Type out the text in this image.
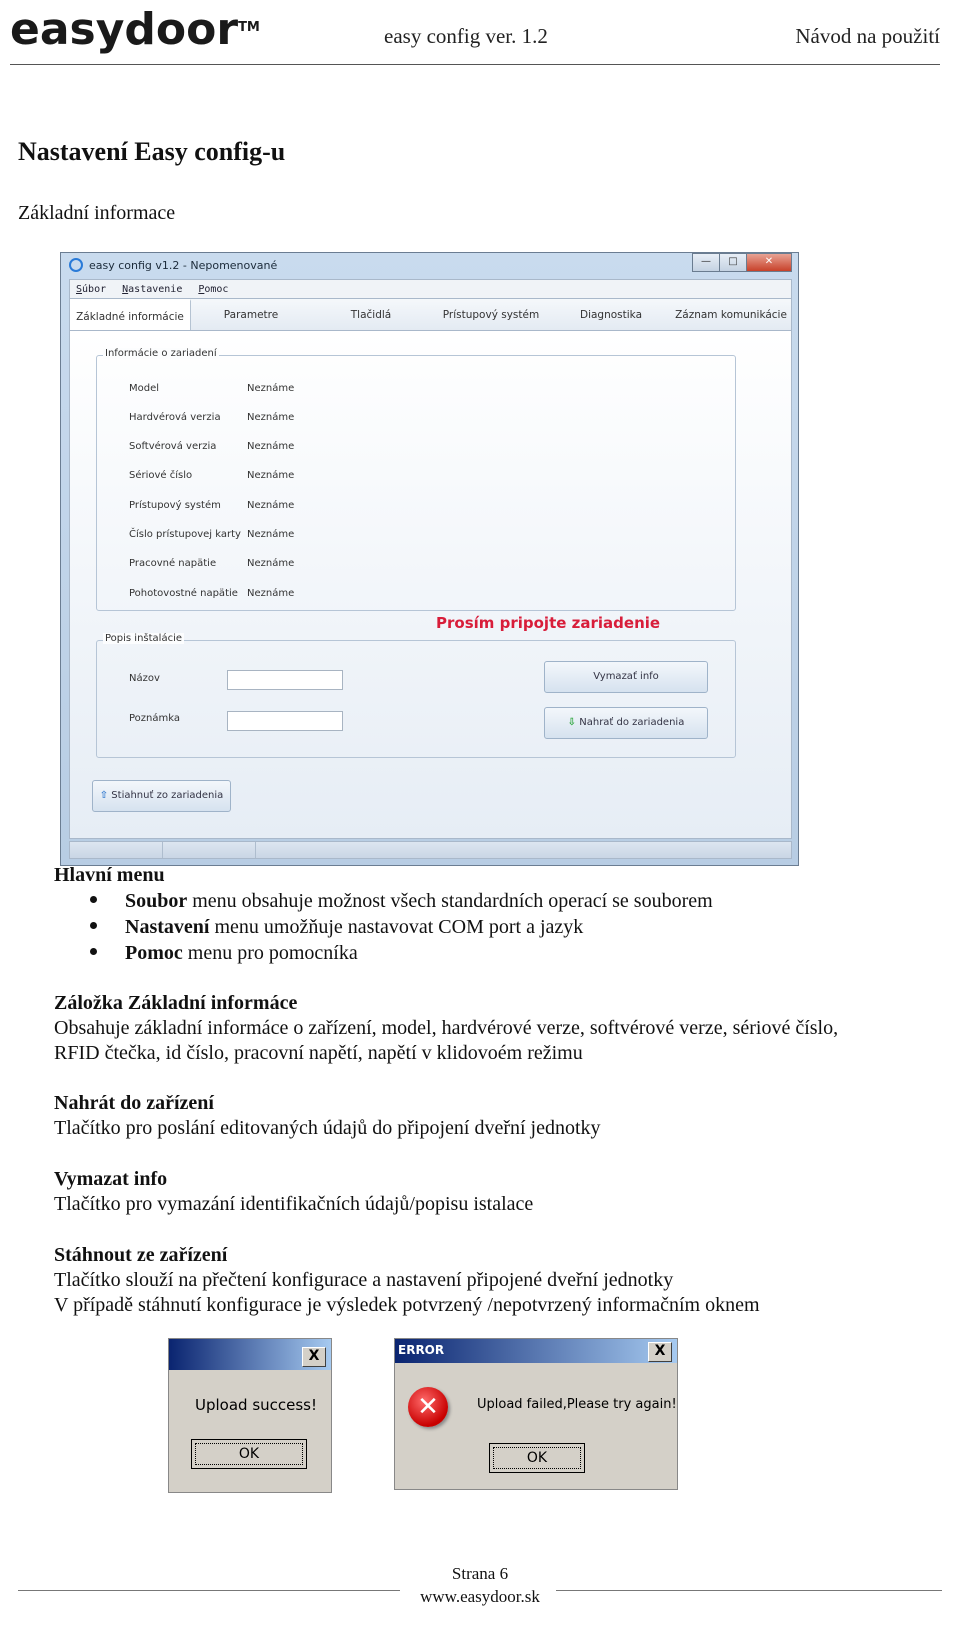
easydoor™	easy config ver. 1.2	Návod na použití
Nastavení Easy config-u
Základní informace
easy config v1.2 - Nepomenované	—	□	✕
Súbor Nastavenie Pomoc
Základné informácie	Parametre	Tlačidlá	Prístupový systém	Diagnostika	Záznam komunikácie
Informácie o zariadení
Model	Neznáme
Hardvérová verzia	Neznáme
Softvérová verzia	Neznáme
Sériové číslo	Neznáme
Prístupový systém	Neznáme
Číslo prístupovej karty Neznáme
Pracovné napätie	Neznáme
Pohotovostné napätie Neznáme
Prosím pripojte zariadenie
Popis inštalácie
Názov
Poznámka
Vymazať info
⇩ Nahrať do zariadenia
⇧ Stiahnuť zo zariadenia
Hlavní menu
Soubor menu obsahuje možnost všech standardních operací se souborem
Nastavení menu umožňuje nastavovat COM port a jazyk
Pomoc menu pro pomocníka
Záložka Základní informáce
Obsahuje základní informáce o zařízení, model, hardvérové verze, softvérové verze, sériové číslo,
RFID čtečka, id číslo, pracovní napětí, napětí v klidovoém režimu
Nahrát do zařízení
Tlačítko pro poslání editovaných údajů do připojení dveřní jednotky
Vymazat info
Tlačítko pro vymazání identifikačních údajů/popisu istalace
Stáhnout ze zařízení
Tlačítko slouží na přečtení konfigurace a nastavení připojené dveřní jednotky
V případě stáhnutí konfigurace je výsledek potvrzený /nepotvrzený informačním oknem
X
Upload success!
OK
ERROR	X
✕	Upload failed,Please try again!
OK
Strana 6
www.easydoor.sk
